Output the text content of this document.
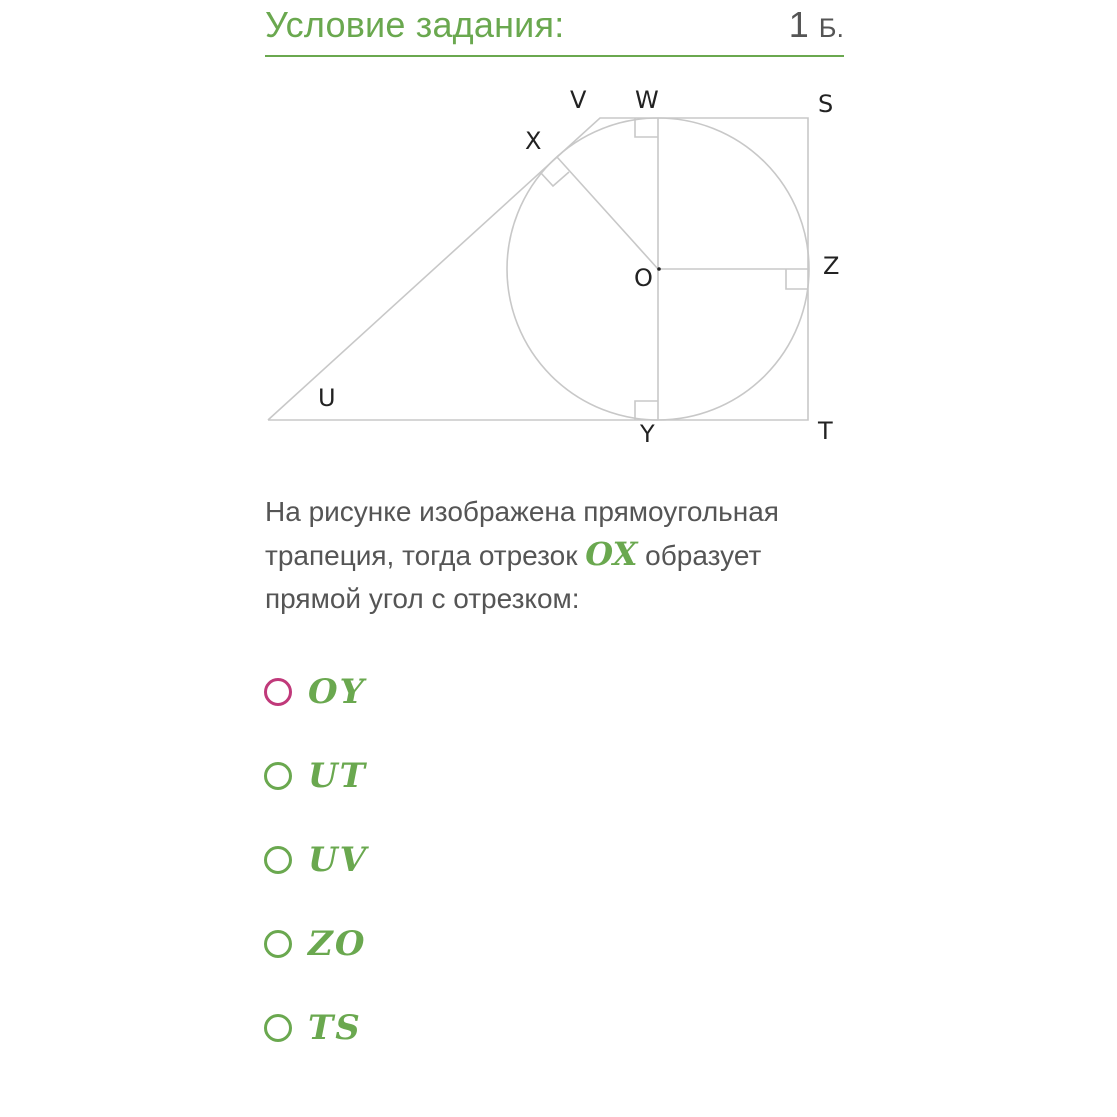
Условие задания:	1 Б.
V W	S
X
O	Z
U
Y	T
На рисунке изображена прямоугольная трапеция, тогда отрезок OX образует прямой угол с отрезком:
OY
UT
UV
ZO
TS
